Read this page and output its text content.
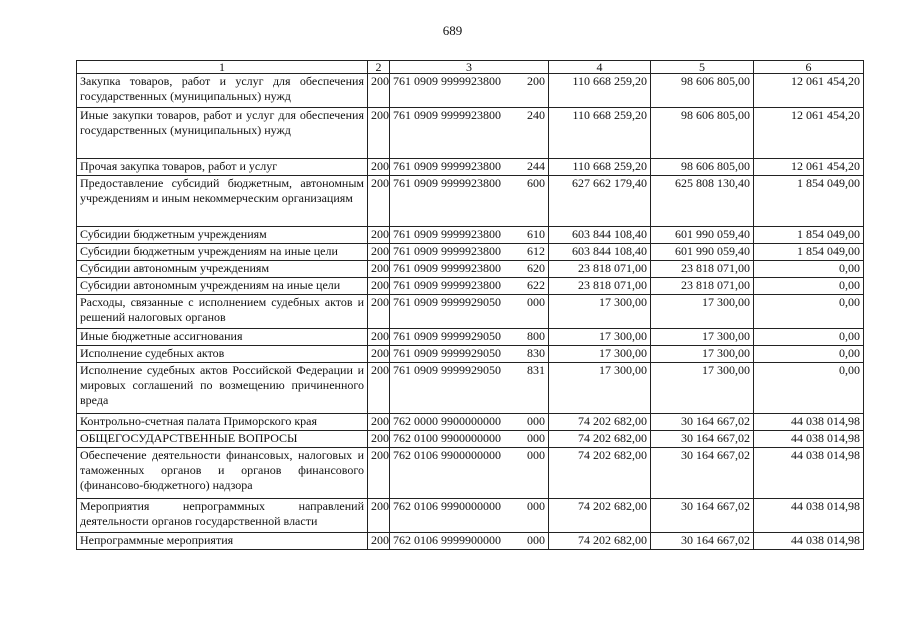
689
1	2	3	4	5	6
Закупка товаров, работ и услуг для обеспечения государственных (муниципальных) нужд	200	761 0909 9999923800 200	110 668 259,20	98 606 805,00	12 061 454,20
Иные закупки товаров, работ и услуг для обеспечения государственных (муниципальных) нужд	200	761 0909 9999923800 240	110 668 259,20	98 606 805,00	12 061 454,20
Прочая закупка товаров, работ и услуг	200	761 0909 9999923800 244	110 668 259,20	98 606 805,00	12 061 454,20
Предоставление субсидий бюджетным, автономным учреждениям и иным некоммерческим организациям	200	761 0909 9999923800 600	627 662 179,40	625 808 130,40	1 854 049,00
Субсидии бюджетным учреждениям	200	761 0909 9999923800 610	603 844 108,40	601 990 059,40	1 854 049,00
Субсидии бюджетным учреждениям на иные цели	200	761 0909 9999923800 612	603 844 108,40	601 990 059,40	1 854 049,00
Субсидии автономным учреждениям	200	761 0909 9999923800 620	23 818 071,00	23 818 071,00	0,00
Субсидии автономным учреждениям на иные цели	200	761 0909 9999923800 622	23 818 071,00	23 818 071,00	0,00
Расходы, связанные с исполнением судебных актов и решений налоговых органов	200	761 0909 9999929050 000	17 300,00	17 300,00	0,00
Иные бюджетные ассигнования	200	761 0909 9999929050 800	17 300,00	17 300,00	0,00
Исполнение судебных актов	200	761 0909 9999929050 830	17 300,00	17 300,00	0,00
Исполнение судебных актов Российской Федерации и мировых соглашений по возмещению причиненного вреда	200	761 0909 9999929050 831	17 300,00	17 300,00	0,00
Контрольно-счетная палата Приморского края	200	762 0000 9900000000 000	74 202 682,00	30 164 667,02	44 038 014,98
ОБЩЕГОСУДАРСТВЕННЫЕ ВОПРОСЫ	200	762 0100 9900000000 000	74 202 682,00	30 164 667,02	44 038 014,98
Обеспечение деятельности финансовых, налоговых и таможенных органов и органов финансового (финансово-бюджетного) надзора	200	762 0106 9900000000 000	74 202 682,00	30 164 667,02	44 038 014,98
Мероприятия непрограммных направлений деятельности органов государственной власти	200	762 0106 9990000000 000	74 202 682,00	30 164 667,02	44 038 014,98
Непрограммные мероприятия	200	762 0106 9999900000 000	74 202 682,00	30 164 667,02	44 038 014,98
